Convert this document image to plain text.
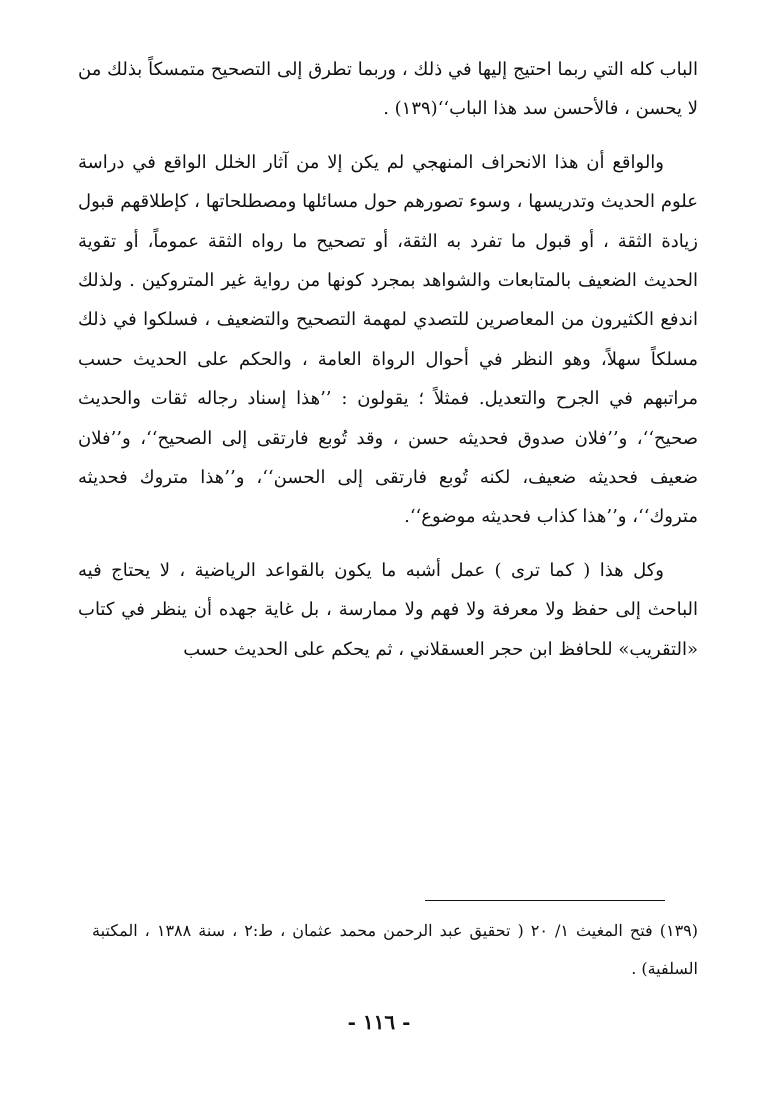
الباب كله التي ربما احتيج إليها في ذلك ، وربما تطرق إلى التصحيح متمسكاً بذلك من لا يحسن ، فالأحسن سد هذا الباب‘‘(١٣٩) .

والواقع أن هذا الانحراف المنهجي لم يكن إلا من آثار الخلل الواقع في دراسة علوم الحديث وتدريسها ، وسوء تصورهم حول مسائلها ومصطلحاتها ، كإطلاقهم قبول زيادة الثقة ، أو قبول ما تفرد به الثقة، أو تصحيح ما رواه الثقة عموماً، أو تقوية الحديث الضعيف بالمتابعات والشواهد بمجرد كونها من رواية غير المتروكين . ولذلك اندفع الكثيرون من المعاصرين للتصدي لمهمة التصحيح والتضعيف ، فسلكوا في ذلك مسلكاً سهلاً، وهو النظر في أحوال الرواة العامة ، والحكم على الحديث حسب مراتبهم في الجرح والتعديل. فمثلاً ؛ يقولون : ’’هذا إسناد رجاله ثقات والحديث صحيح‘‘، و’’فلان صدوق فحديثه حسن ، وقد تُوبع فارتقى إلى الصحيح‘‘، و’’فلان ضعيف فحديثه ضعيف، لكنه تُوبع فارتقى إلى الحسن‘‘، و’’هذا متروك فحديثه متروك‘‘، و’’هذا كذاب فحديثه موضوع‘‘.

وكل هذا ( كما ترى ) عمل أشبه ما يكون بالقواعد الرياضية ، لا يحتاج فيه الباحث إلى حفظ ولا معرفة ولا فهم ولا ممارسة ، بل غاية جهده أن ينظر في كتاب «التقريب» للحافظ ابن حجر العسقلاني ، ثم يحكم على الحديث حسب

(١٣٩) فتح المغيث ١/ ٢٠ ( تحقيق عبد الرحمن محمد عثمان ، ط:٢ ، سنة ١٣٨٨ ، المكتبة السلفية) .

- ١١٦ -
